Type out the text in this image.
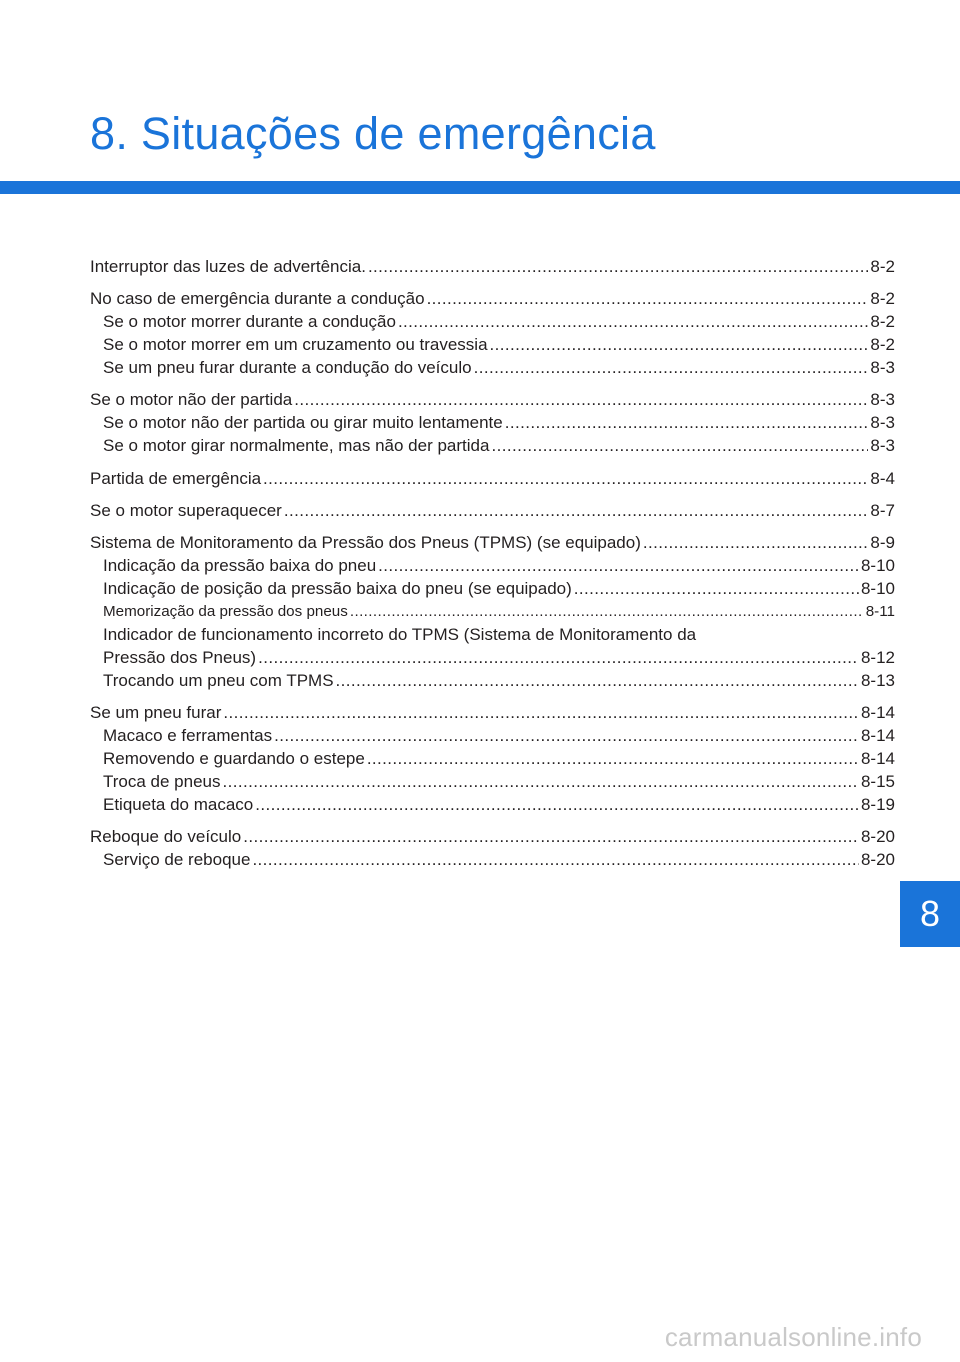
8. Situações de emergência
Interruptor das luzes de advertência. .....	8-2
No caso de emergência durante a condução .....	8-2
Se o motor morrer durante a condução .....	8-2
Se o motor morrer em um cruzamento ou travessia .....	8-2
Se um pneu furar durante a condução do veículo .....	8-3
Se o motor não der partida .....	8-3
Se o motor não der partida ou girar muito lentamente .....	8-3
Se o motor girar normalmente, mas não der partida .....	8-3
Partida de emergência .....	8-4
Se o motor superaquecer .....	8-7
Sistema de Monitoramento da Pressão dos Pneus (TPMS) (se equipado) .....	8-9
Indicação da pressão baixa do pneu .....	8-10
Indicação de posição da pressão baixa do pneu (se equipado) .....	8-10
Memorização da pressão dos pneus .....	8-11
Indicador de funcionamento incorreto do TPMS (Sistema de Monitoramento da
Pressão dos Pneus) .....	8-12
Trocando um pneu com TPMS .....	8-13
Se um pneu furar .....	8-14
Macaco e ferramentas .....	8-14
Removendo e guardando o estepe .....	8-14
Troca de pneus .....	8-15
Etiqueta do macaco .....	8-19
Reboque do veículo .....	8-20
Serviço de reboque .....	8-20
8
carmanualsonline.info
